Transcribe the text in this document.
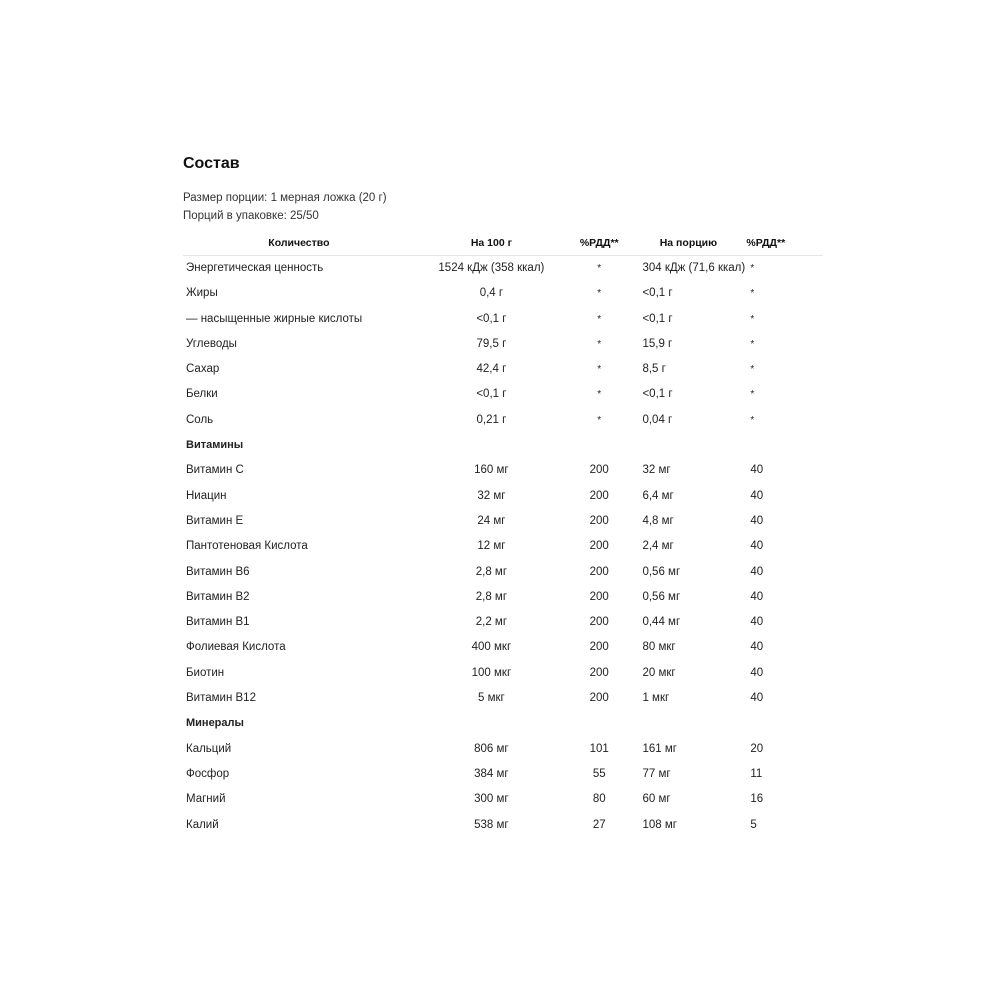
Состав
Размер порции: 1 мерная ложка (20 г)
Порций в упаковке: 25/50
Количество	На 100 г	%РДД**	На порцию	%РДД**
Энергетическая ценность	1524 кДж (358 ккал)	*	304 кДж (71,6 ккал)	*
Жиры	0,4 г	*	<0,1 г	*
— насыщенные жирные кислоты	<0,1 г	*	<0,1 г	*
Углеводы	79,5 г	*	15,9 г	*
Сахар	42,4 г	*	8,5 г	*
Белки	<0,1 г	*	<0,1 г	*
Соль	0,21 г	*	0,04 г	*
Витамины				
Витамин С	160 мг	200	32 мг	40
Ниацин	32 мг	200	6,4 мг	40
Витамин Е	24 мг	200	4,8 мг	40
Пантотеновая Кислота	12 мг	200	2,4 мг	40
Витамин B6	2,8 мг	200	0,56 мг	40
Витамин B2	2,8 мг	200	0,56 мг	40
Витамин B1	2,2 мг	200	0,44 мг	40
Фолиевая Кислота	400 мкг	200	80 мкг	40
Биотин	100 мкг	200	20 мкг	40
Витамин B12	5 мкг	200	1 мкг	40
Минералы				
Кальций	806 мг	101	161 мг	20
Фосфор	384 мг	55	77 мг	11
Магний	300 мг	80	60 мг	16
Калий	538 мг	27	108 мг	5
